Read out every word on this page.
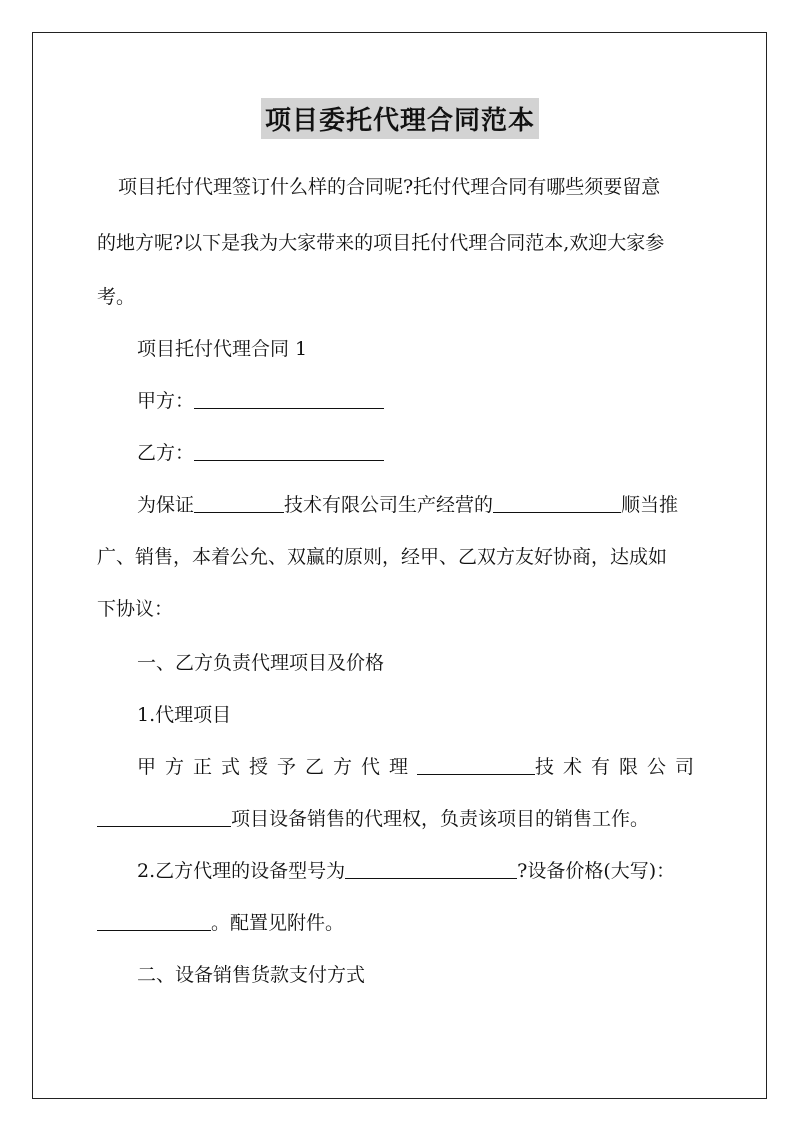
项目委托代理合同范本
项目托付代理签订什么样的合同呢?托付代理合同有哪些须要留意
的地方呢?以下是我为大家带来的项目托付代理合同范本,欢迎大家参
考。
项目托付代理合同 1
甲方：
乙方：
为保证	技术有限公司生产经营的	顺当推
广、销售，本着公允、双赢的原则，经甲、乙双方友好协商，达成如
下协议：
一、乙方负责代理项目及价格
1.代理项目
甲方正式授予乙方代理	技术有限公司
项目设备销售的代理权，负责该项目的销售工作。
2.乙方代理的设备型号为	?设备价格(大写)：
。配置见附件。
二、设备销售货款支付方式
